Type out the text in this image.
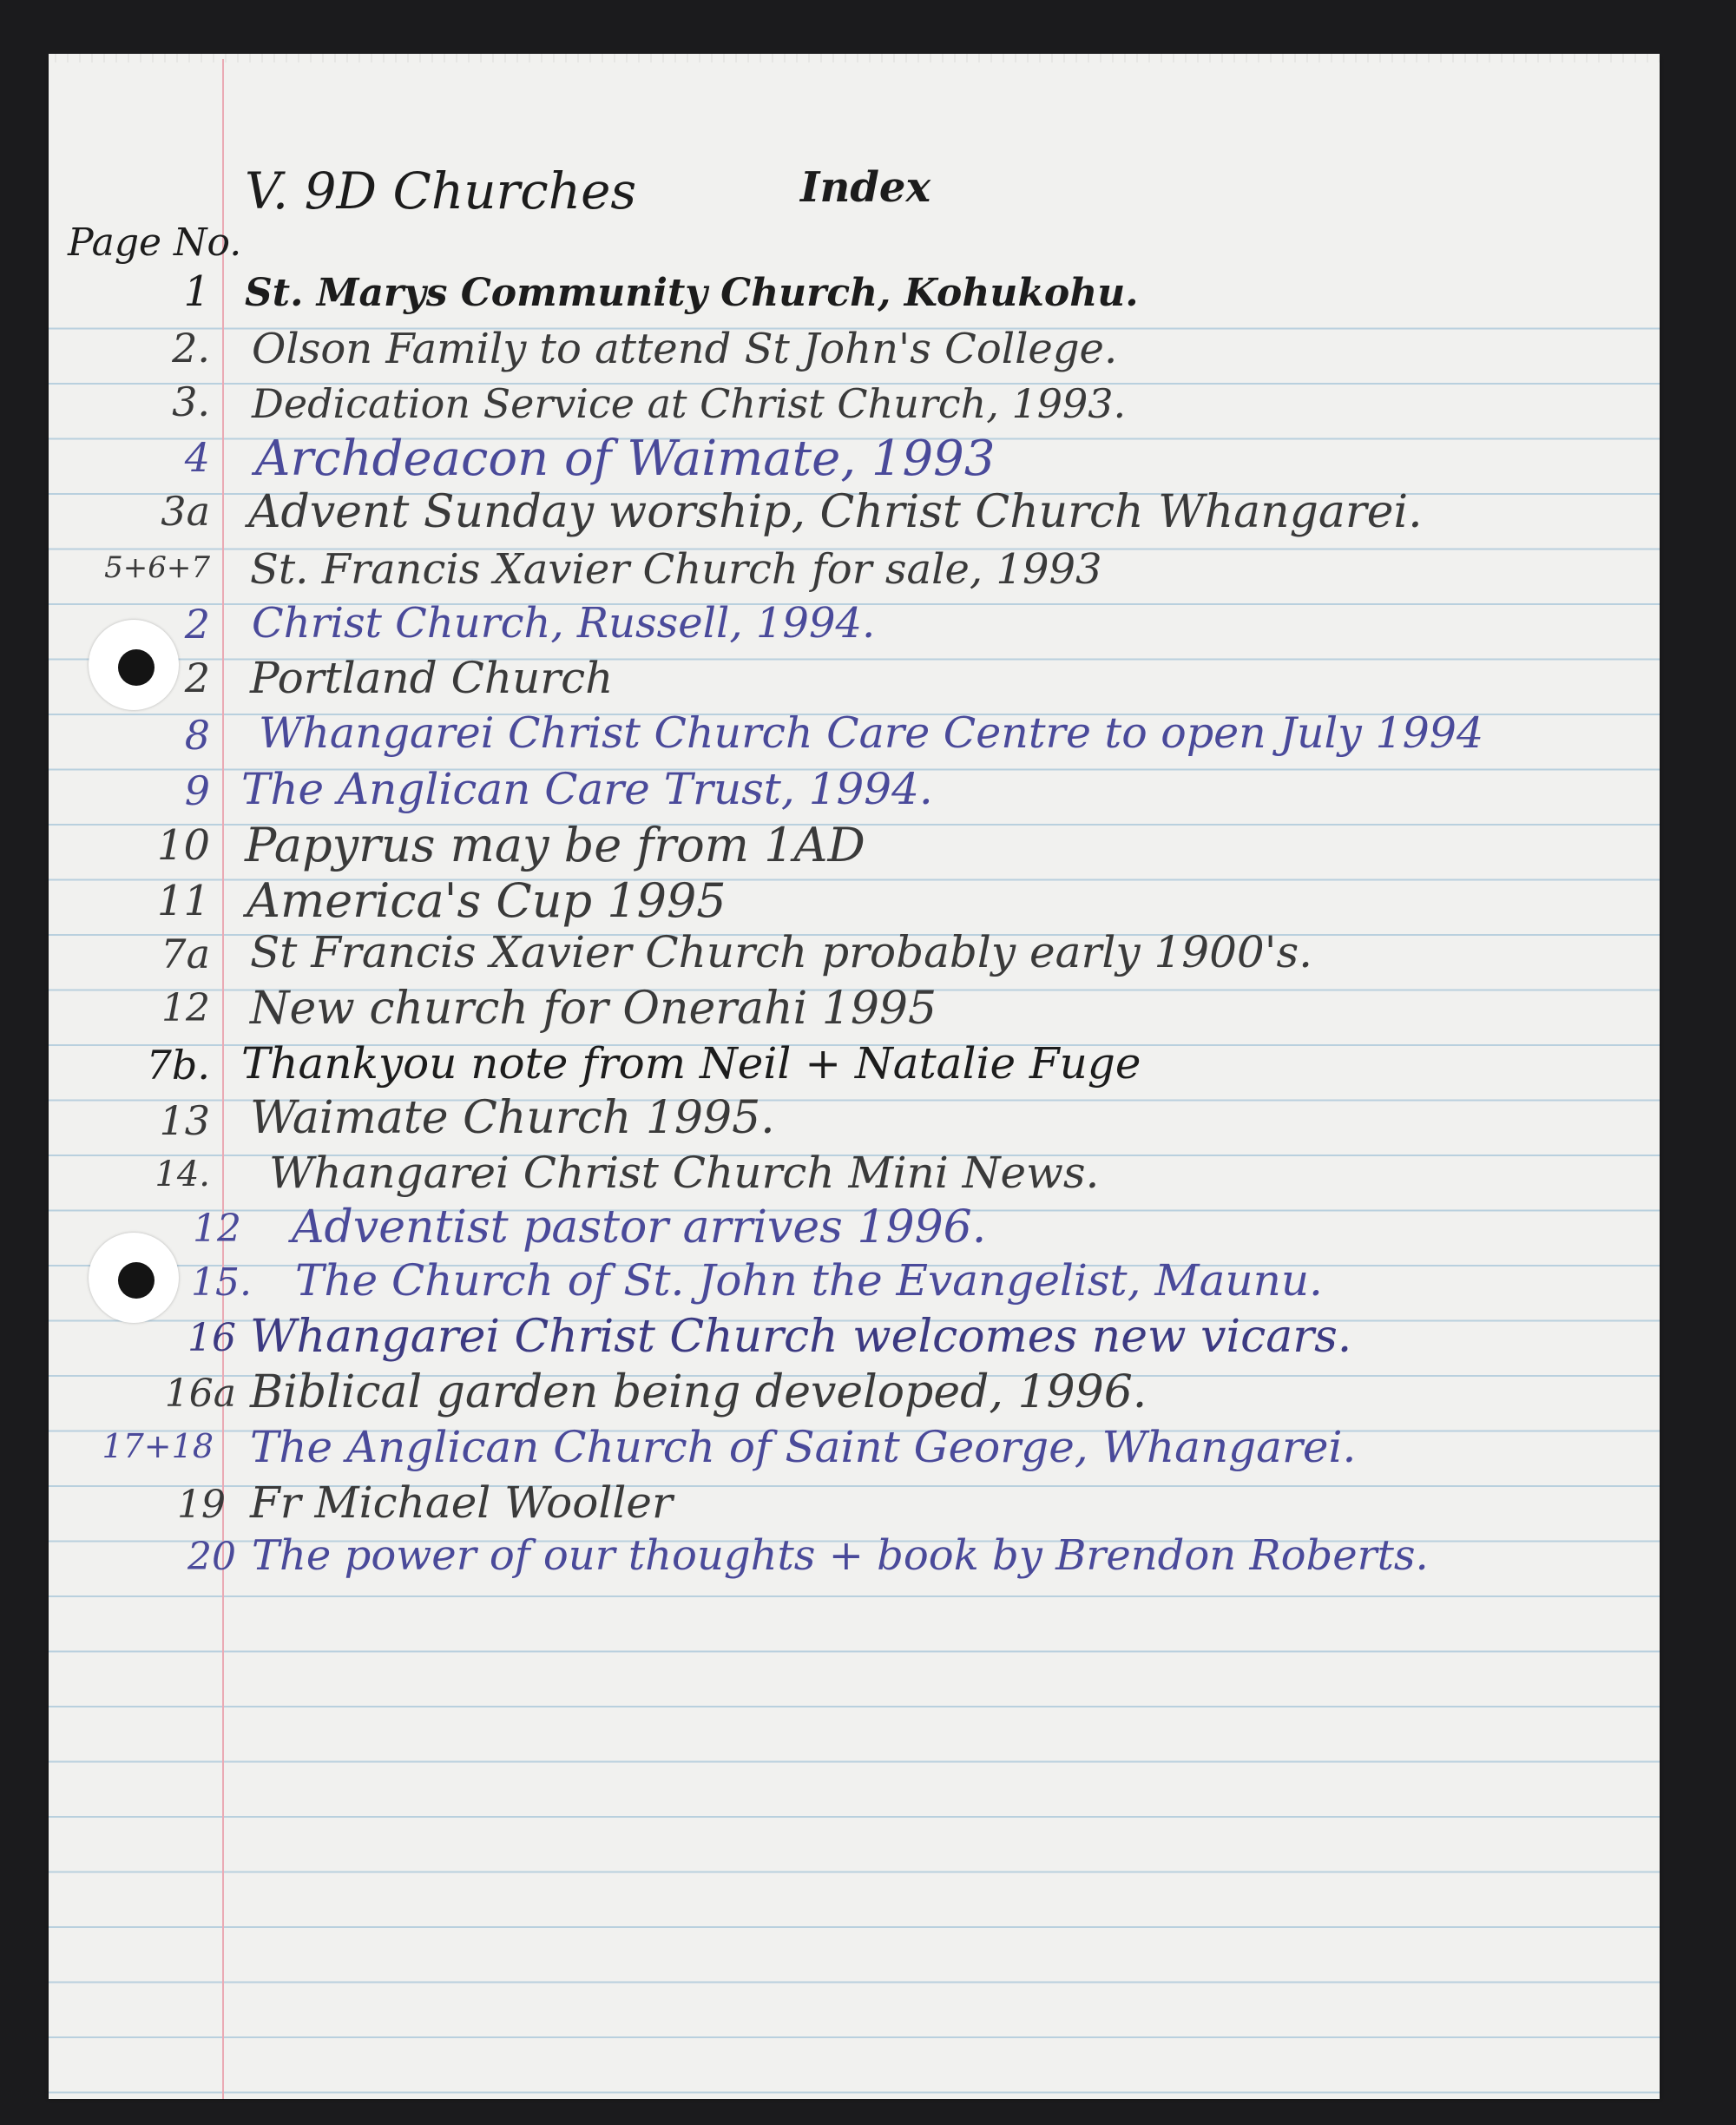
V. 9D Churches	Index
Page No.
1 St. Marys Community Church, Kohukohu.
2. Olson Family to attend St John's College.
3. Dedication Service at Christ Church, 1993.
4 Archdeacon of Waimate, 1993
3a Advent Sunday worship, Christ Church Whangarei.
5+6+7 St. Francis Xavier Church for sale, 1993
2 Christ Church, Russell, 1994.
2 Portland Church
8 Whangarei Christ Church Care Centre to open July 1994
9 The Anglican Care Trust, 1994.
10 Papyrus may be from 1AD
11 America's Cup 1995
7a St Francis Xavier Church probably early 1900's.
12 New church for Onerahi 1995
7b. Thankyou note from Neil + Natalie Fuge
13 Waimate Church 1995.
14. Whangarei Christ Church Mini News.
12 Adventist pastor arrives 1996.
15. The Church of St. John the Evangelist, Maunu.
16 Whangarei Christ Church welcomes new vicars.
16a Biblical garden being developed, 1996.
17+18 The Anglican Church of Saint George, Whangarei.
19 Fr Michael Wooller
20 The power of our thoughts + book by Brendon Roberts.
